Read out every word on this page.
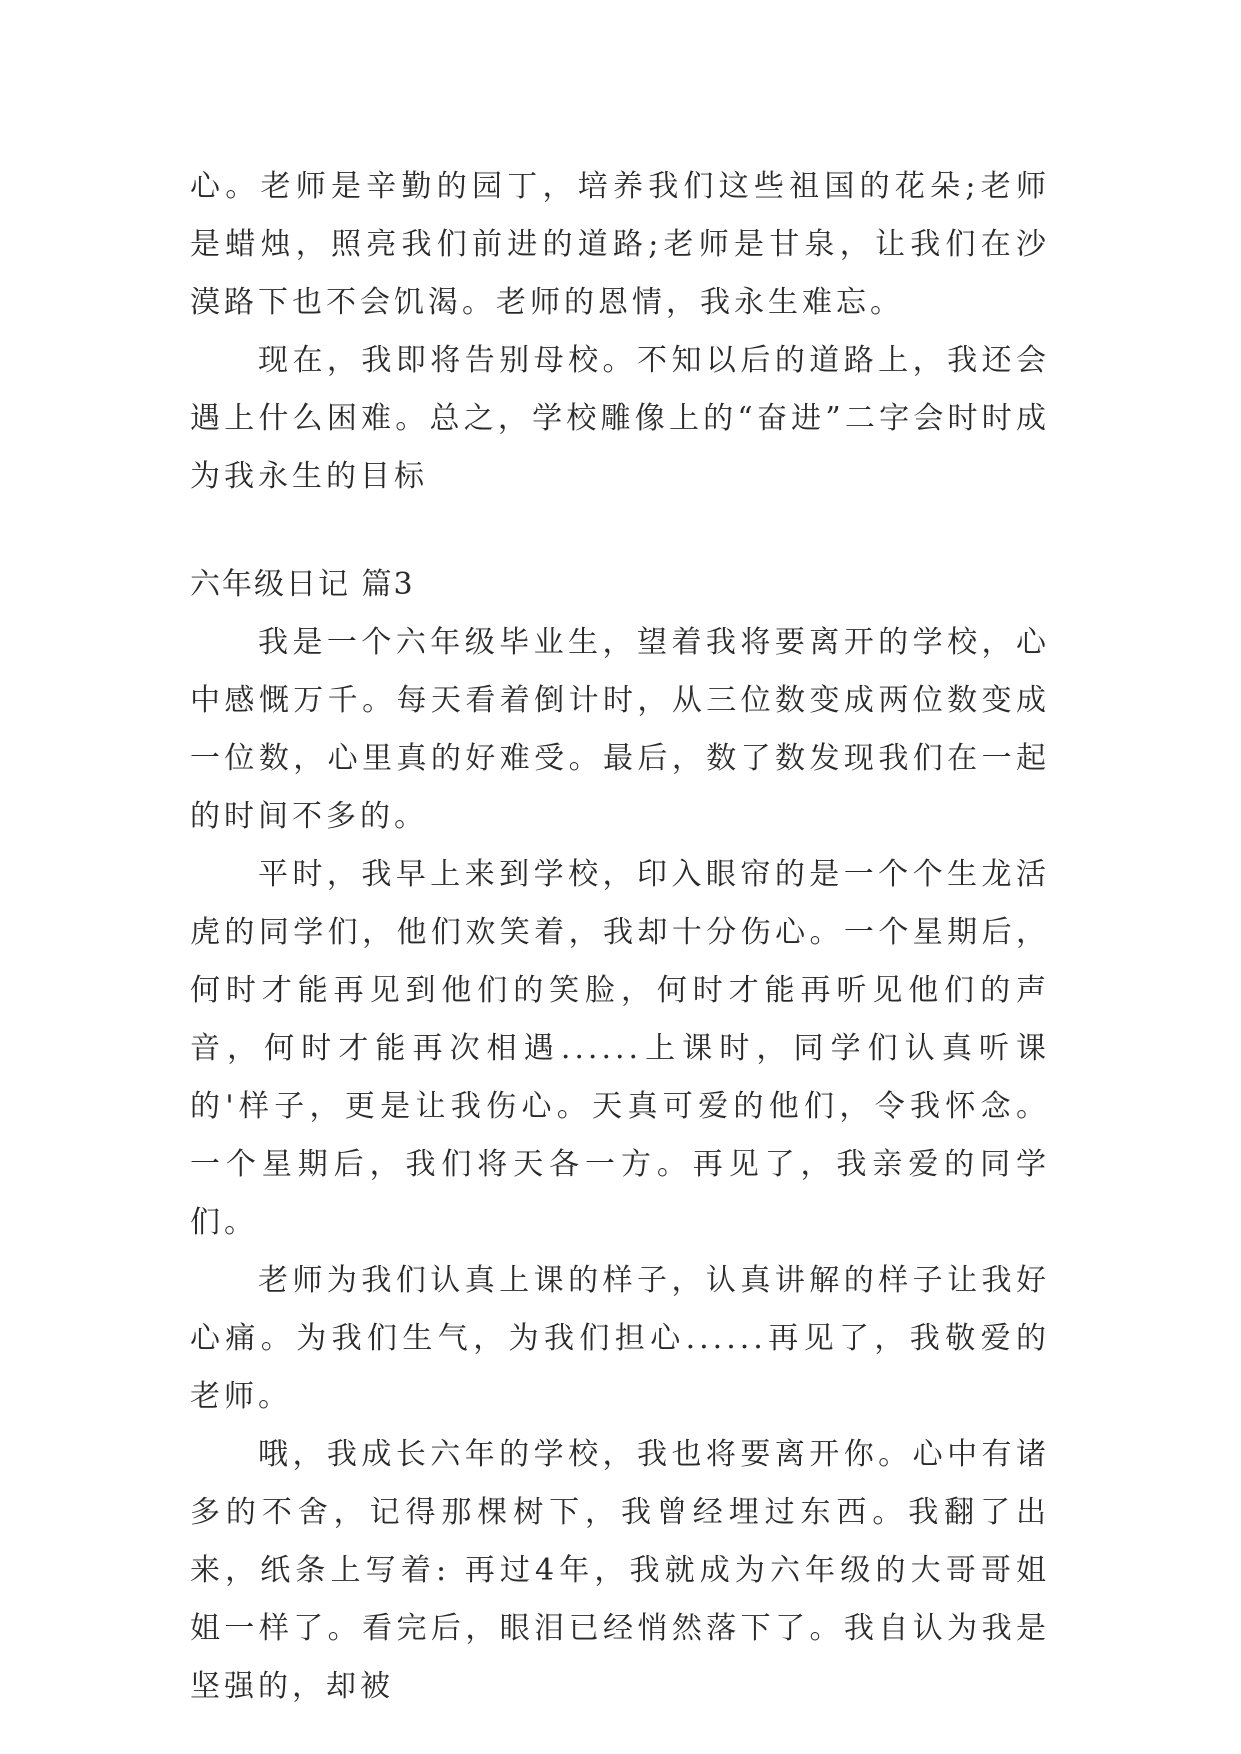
心。老师是辛勤的园丁，培养我们这些祖国的花朵;老师是蜡烛，照亮我们前进的道路;老师是甘泉，让我们在沙漠路下也不会饥渴。老师的恩情，我永生难忘。

现在，我即将告别母校。不知以后的道路上，我还会遇上什么困难。总之，学校雕像上的“奋进”二字会时时成为我永生的目标

六年级日记 篇3

我是一个六年级毕业生，望着我将要离开的学校，心中感慨万千。每天看着倒计时，从三位数变成两位数变成一位数，心里真的好难受。最后，数了数发现我们在一起的时间不多的。

平时，我早上来到学校，印入眼帘的是一个个生龙活虎的同学们，他们欢笑着，我却十分伤心。一个星期后，何时才能再见到他们的笑脸，何时才能再听见他们的声音，何时才能再次相遇......上课时，同学们认真听课的'样子，更是让我伤心。天真可爱的他们，令我怀念。一个星期后，我们将天各一方。再见了，我亲爱的同学们。

老师为我们认真上课的样子，认真讲解的样子让我好心痛。为我们生气，为我们担心......再见了，我敬爱的老师。

哦，我成长六年的学校，我也将要离开你。心中有诸多的不舍，记得那棵树下，我曾经埋过东西。我翻了出来，纸条上写着: 再过4年，我就成为六年级的大哥哥姐姐一样了。看完后，眼泪已经悄然落下了。我自认为我是坚强的，却被
